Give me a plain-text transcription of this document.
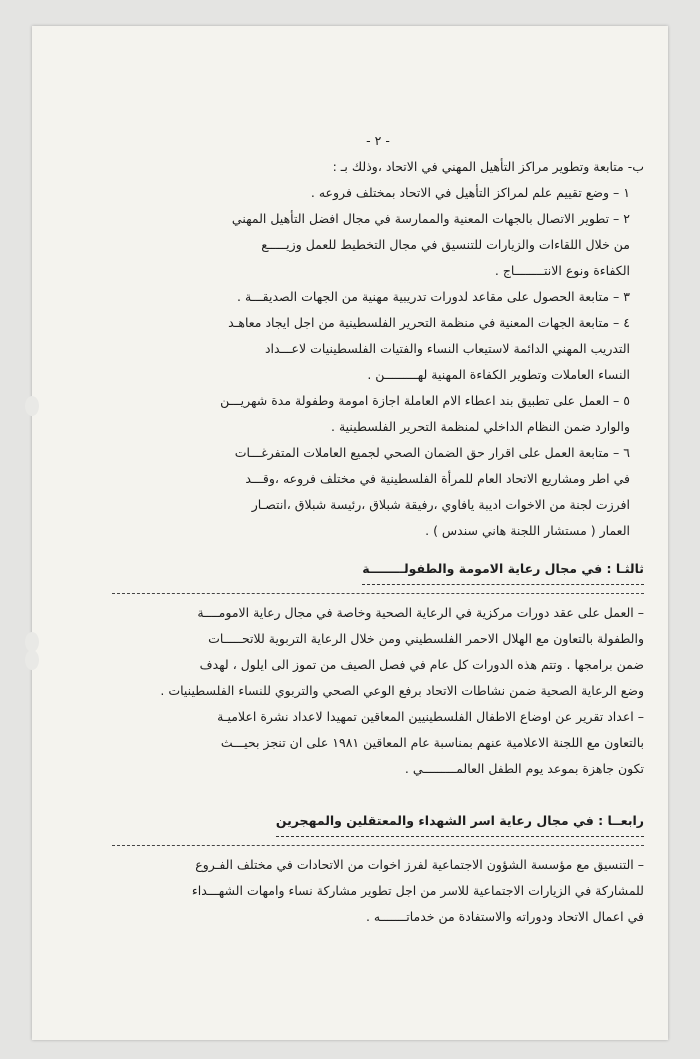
- ٢ -
ب- متابعة وتطوير مراكز التأهيل المهني في الاتحاد ،وذلك بـ :
١ – وضع تقييم علم لمراكز التأهيل في الاتحاد بمختلف فروعه .
٢ – تطوير الاتصال بالجهات المعنية والممارسة في مجال افضل التأهيل المهني
من خلال اللقاءات والزيارات للتنسيق في مجال التخطيط للعمل وزيـــــع
الكفاءة ونوع الانتــــــــاج .
٣ – متابعة الحصول على مقاعد لدورات تدريبية مهنية من الجهات الصديقـــة .
٤ – متابعة الجهات المعنية في منظمة التحرير الفلسطينية من اجل ايجاد معاهـد
التدريب المهني الدائمة لاستيعاب النساء والفتيات الفلسطينيات لاعـــداد
النساء العاملات وتطوير الكفاءة المهنية لهـــــــــن .
٥ – العمل على تطبيق بند اعطاء الام العاملة اجازة امومة وطفولة مدة شهريـــن
والوارد ضمن النظام الداخلي لمنظمة التحرير الفلسطينية .
٦ – متابعة العمل على اقرار حق الضمان الصحي لجميع العاملات المتفرغـــات
في اطر ومشاريع الاتحاد العام للمرأة الفلسطينية في مختلف فروعه ،وقـــد
افرزت لجنة من الاخوات اديبة يافاوي ،رفيقة شبلاق ،رئيسة شبلاق ،انتصـار
العمار ( مستشار اللجنة هاني سندس ) .
ثالثـا : في مجال رعاية الامومة والطفولــــــــة
– العمل على عقد دورات مركزية في الرعاية الصحية وخاصة في مجال رعاية الامومــــة
والطفولة بالتعاون مع الهلال الاحمر الفلسطيني ومن خلال الرعاية التربوية للاتحـــــات
ضمن برامجها . وتتم هذه الدورات كل عام في فصل الصيف من تموز الى ايلول ، لهدف
وضع الرعاية الصحية ضمن نشاطات الاتحاد برفع الوعي الصحي والتربوي للنساء الفلسطينيات .
– اعداد تقرير عن اوضاع الاطفال الفلسطينيين المعاقين تمهيدا لاعداد نشرة اعلاميـة
بالتعاون مع اللجنة الاعلامية عنهم بمناسبة عام المعاقين ١٩٨١ على ان تنجز بحيـــث
تكون جاهزة بموعد يوم الطفل العالمـــــــــي .
رابعــا : في مجال رعاية اسر الشهداء والمعتقلين والمهجرين
– التنسيق مع مؤسسة الشؤون الاجتماعية لفرز اخوات من الاتحادات في مختلف الفـروع
للمشاركة في الزيارات الاجتماعية للاسر من اجل تطوير مشاركة نساء وامهات الشهـــداء
في اعمال الاتحاد ودوراته والاستفادة من خدماتـــــــه .
